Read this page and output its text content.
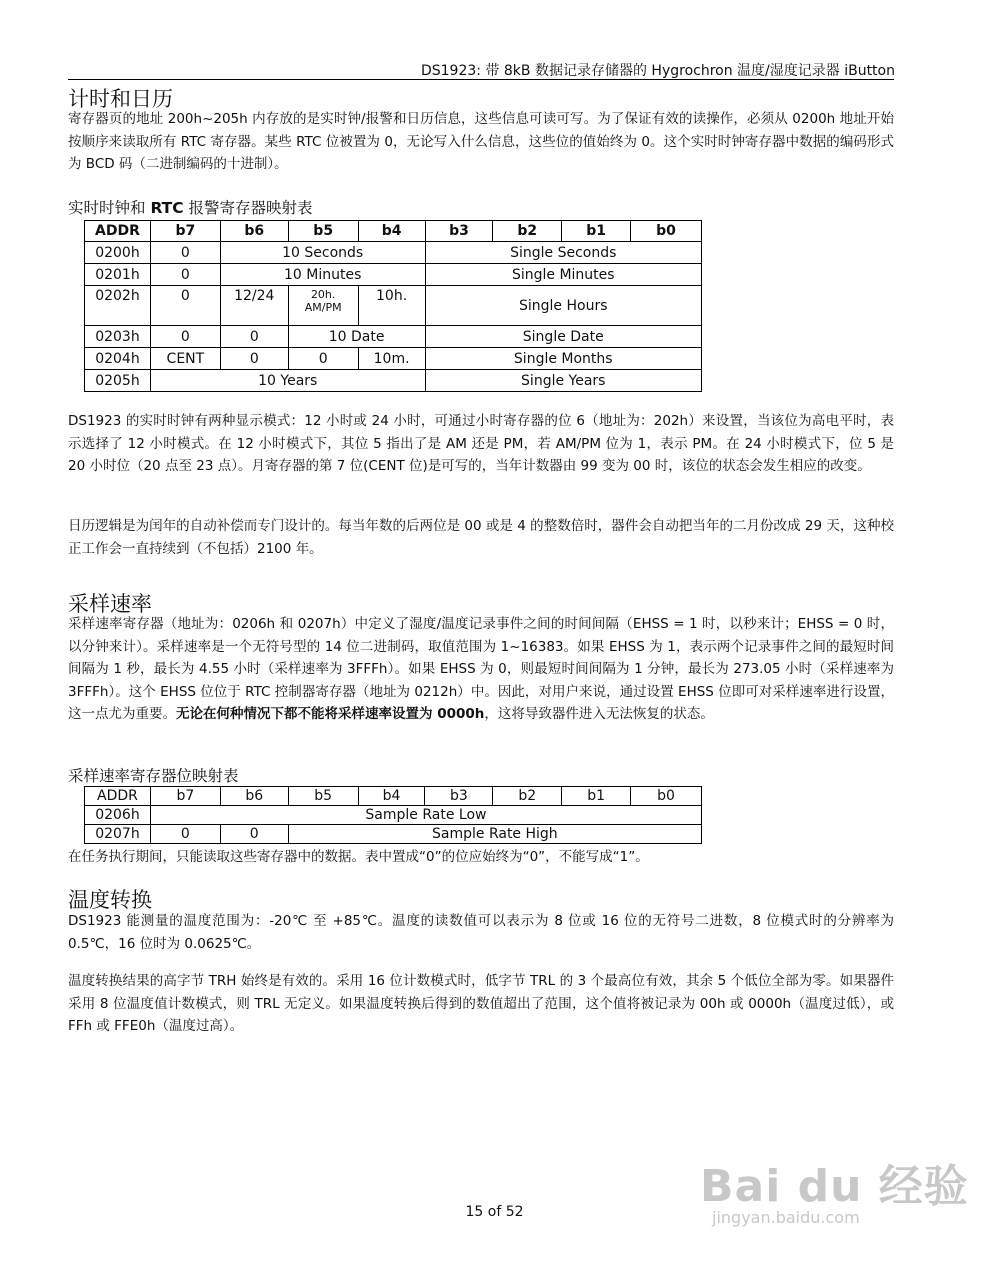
DS1923: 带 8kB 数据记录存储器的 Hygrochron 温度/湿度记录器 iButton
计时和日历
寄存器页的地址 200h~205h 内存放的是实时钟/报警和日历信息，这些信息可读可写。为了保证有效的读操作，必须从 0200h 地址开始按顺序来读取所有 RTC 寄存器。某些 RTC 位被置为 0，无论写入什么信息，这些位的值始终为 0。这个实时时钟寄存器中数据的编码形式为 BCD 码（二进制编码的十进制）。
实时时钟和 RTC 报警寄存器映射表
ADDR	b7	b6	b5	b4	b3	b2	b1	b0
0200h	0	10 Seconds			Single Seconds			
0201h	0	10 Minutes			Single Minutes			
0202h	0	12/24	20h.
AM/PM	10h.	Single Hours			
0203h	0	0	10 Date		Single Date			
0204h	CENT	0	0	10m.	Single Months			
0205h	10 Years				Single Years			
DS1923 的实时时钟有两种显示模式：12 小时或 24 小时，可通过小时寄存器的位 6（地址为：202h）来设置，当该位为高电平时，表示选择了 12 小时模式。在 12 小时模式下，其位 5 指出了是 AM 还是 PM，若 AM/PM 位为 1，表示 PM。在 24 小时模式下，位 5 是 20 小时位（20 点至 23 点）。月寄存器的第 7 位(CENT 位)是可写的，当年计数器由 99 变为 00 时，该位的状态会发生相应的改变。
日历逻辑是为闰年的自动补偿而专门设计的。每当年数的后两位是 00 或是 4 的整数倍时，器件会自动把当年的二月份改成 29 天，这种校正工作会一直持续到（不包括）2100 年。
采样速率
采样速率寄存器（地址为：0206h 和 0207h）中定义了湿度/温度记录事件之间的时间间隔（EHSS = 1 时，以秒来计；EHSS = 0 时，以分钟来计）。采样速率是一个无符号型的 14 位二进制码，取值范围为 1~16383。如果 EHSS 为 1，表示两个记录事件之间的最短时间间隔为 1 秒，最长为 4.55 小时（采样速率为 3FFFh）。如果 EHSS 为 0，则最短时间间隔为 1 分钟，最长为 273.05 小时（采样速率为 3FFFh）。这个 EHSS 位位于 RTC 控制器寄存器（地址为 0212h）中。因此，对用户来说，通过设置 EHSS 位即可对采样速率进行设置，这一点尤为重要。无论在何种情况下都不能将采样速率设置为 0000h，这将导致器件进入无法恢复的状态。
采样速率寄存器位映射表
ADDR	b7	b6	b5	b4	b3	b2	b1	b0
0206h	Sample Rate Low							
0207h	0	0	Sample Rate High					
在任务执行期间，只能读取这些寄存器中的数据。表中置成“0”的位应始终为“0”，不能写成“1”。
温度转换
DS1923 能测量的温度范围为：-20℃ 至 +85℃。温度的读数值可以表示为 8 位或 16 位的无符号二进数，8 位模式时的分辨率为 0.5℃，16 位时为 0.0625℃。
温度转换结果的高字节 TRH 始终是有效的。采用 16 位计数模式时，低字节 TRL 的 3 个最高位有效，其余 5 个低位全部为零。如果器件采用 8 位温度值计数模式，则 TRL 无定义。如果温度转换后得到的数值超出了范围，这个值将被记录为 00h 或 0000h（温度过低），或 FFh 或 FFE0h（温度过高）。
Bai du 经验
jingyan.baidu.com
15 of 52
